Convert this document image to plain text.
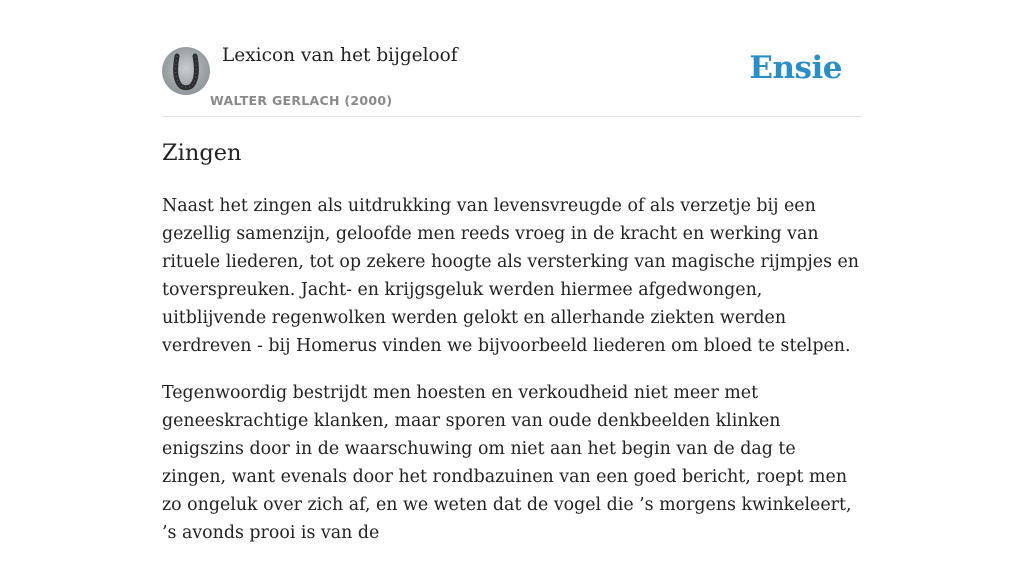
Lexicon van het bijgeloof
WALTER GERLACH (2000)
Ensie
Zingen

Naast het zingen als uitdrukking van levensvreugde of als verzetje bij een gezellig samenzijn, geloofde men reeds vroeg in de kracht en werking van rituele liederen, tot op zekere hoogte als versterking van magische rijmpjes en toverspreuken. Jacht- en krijgsgeluk werden hiermee afgedwongen, uitblijvende regenwolken werden gelokt en allerhande ziekten werden verdreven - bij Homerus vinden we bijvoorbeeld liederen om bloed te stelpen.

Tegenwoordig bestrijdt men hoesten en verkoudheid niet meer met geneeskrachtige klanken, maar sporen van oude denkbeelden klinken enigszins door in de waarschuwing om niet aan het begin van de dag te zingen, want evenals door het rondbazuinen van een goed bericht, roept men zo ongeluk over zich af, en we weten dat de vogel die ’s morgens kwinkeleert, ’s avonds prooi is van de
